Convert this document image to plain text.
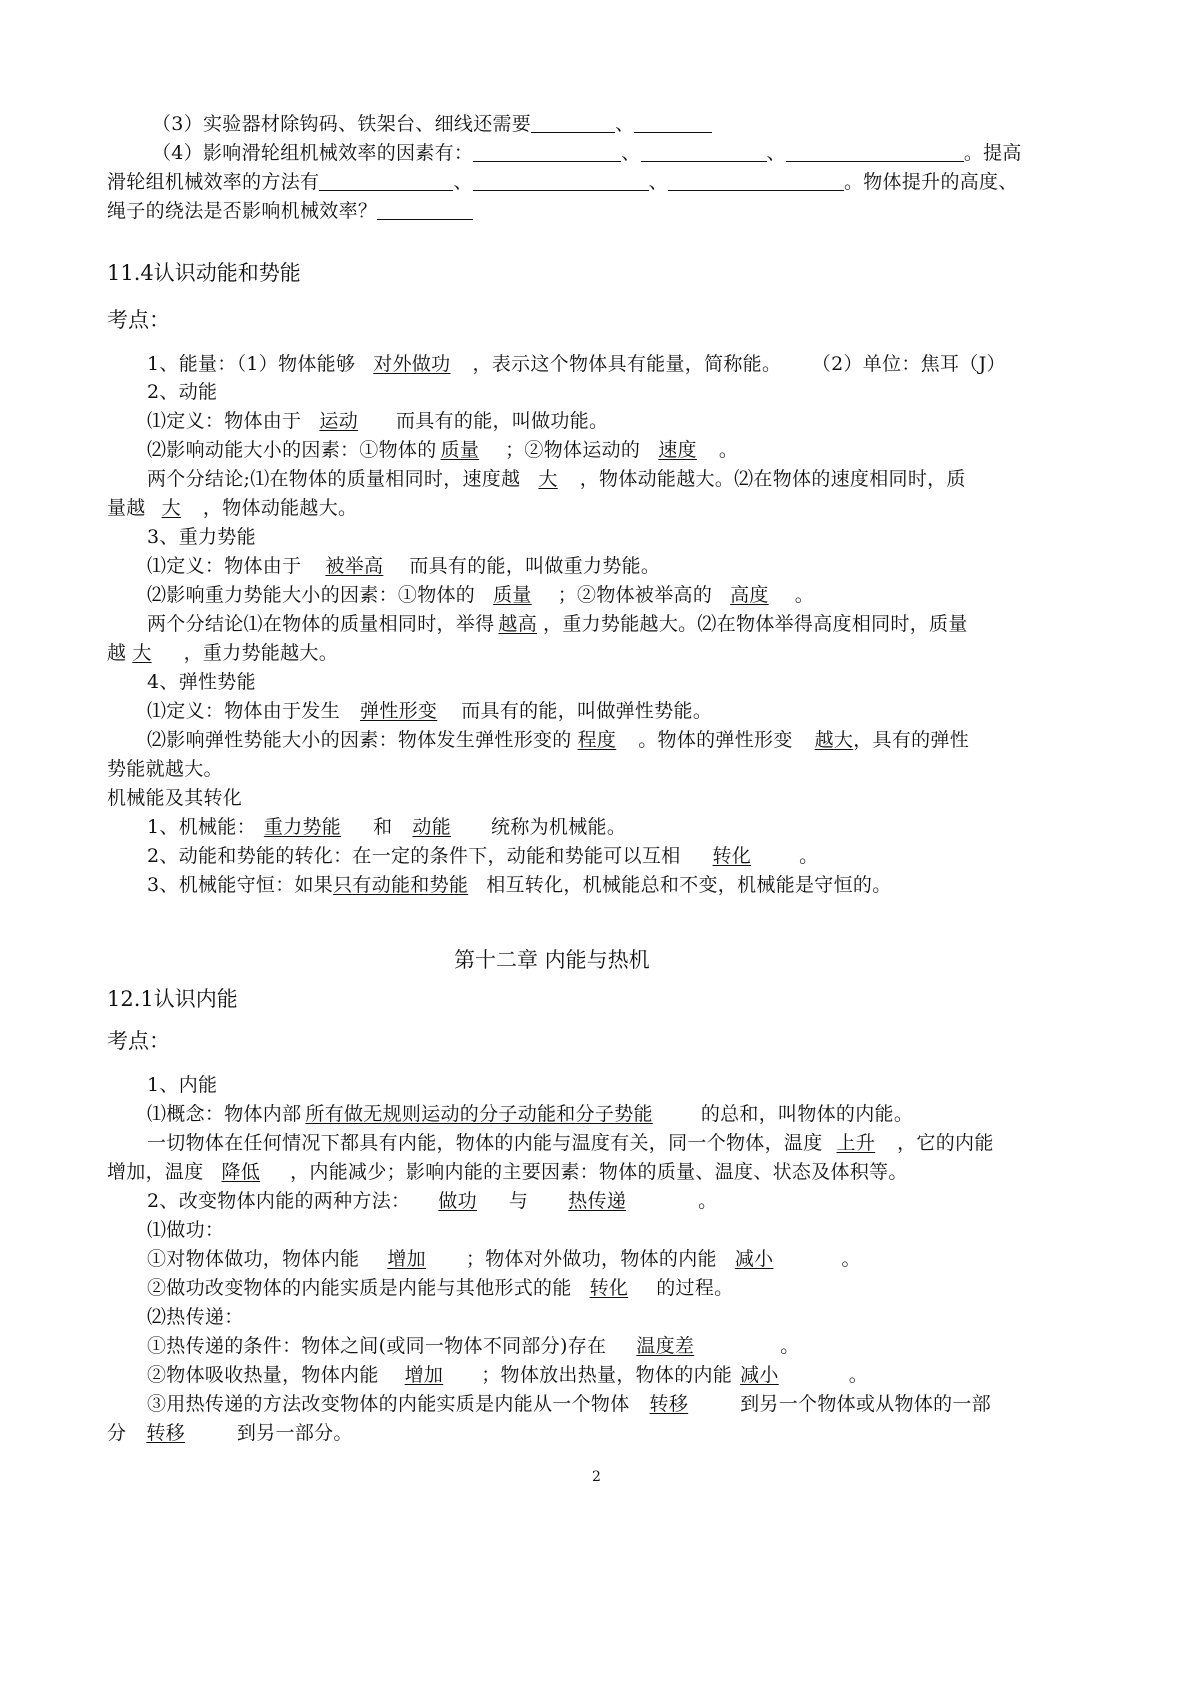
（3）实验器材除钩码、铁架台、细线还需要	、
（4）影响滑轮组机械效率的因素有：	、	、	。提高
滑轮组机械效率的方法有	、	、	。物体提升的高度、
绳子的绕法是否影响机械效率？
11.4认识动能和势能
考点：
1、能量：（1）物体能够 对外做功 ，表示这个物体具有能量，简称能。 （2）单位：焦耳（J）
2、动能
⑴定义：物体由于 运动 而具有的能，叫做功能。
⑵影响动能大小的因素：①物体的 质量 ；②物体运动的 速度 。
两个分结论;⑴在物体的质量相同时，速度越 大 ，物体动能越大。⑵在物体的速度相同时，质
量越 大 ，物体动能越大。
3、重力势能
⑴定义：物体由于 被举高 而具有的能，叫做重力势能。
⑵影响重力势能大小的因素：①物体的 质量 ；②物体被举高的 高度 。
两个分结论⑴在物体的质量相同时，举得 越高 ，重力势能越大。⑵在物体举得高度相同时，质量
越 大 ，重力势能越大。
4、弹性势能
⑴定义：物体由于发生 弹性形变 而具有的能，叫做弹性势能。
⑵影响弹性势能大小的因素：物体发生弹性形变的 程度 。物体的弹性形变 越大，具有的弹性
势能就越大。
机械能及其转化
1、机械能： 重力势能 和 动能 统称为机械能。
2、动能和势能的转化：在一定的条件下，动能和势能可以互相 转化	。
3、机械能守恒：如果只有动能和势能 相互转化，机械能总和不变，机械能是守恒的。
第十二章 内能与热机
12.1认识内能
考点：
1、内能
⑴概念：物体内部 所有做无规则运动的分子动能和分子势能	的总和，叫物体的内能。
一切物体在任何情况下都具有内能，物体的内能与温度有关，同一个物体，温度 上升 ，它的内能
增加，温度 降低 ，内能减少；影响内能的主要因素：物体的质量、温度、状态及体积等。
2、改变物体内能的两种方法： 做功 与 热传递	。
⑴做功：
①对物体做功，物体内能 增加 ；物体对外做功，物体的内能 减小	。
②做功改变物体的内能实质是内能与其他形式的能 转化 的过程。
⑵热传递：
①热传递的条件：物体之间(或同一物体不同部分)存在 温度差	。
②物体吸收热量，物体内能 增加 ；物体放出热量，物体的内能 减小	。
③用热传递的方法改变物体的内能实质是内能从一个物体 转移	到另一个物体或从物体的一部
分 转移	到另一部分。
2
